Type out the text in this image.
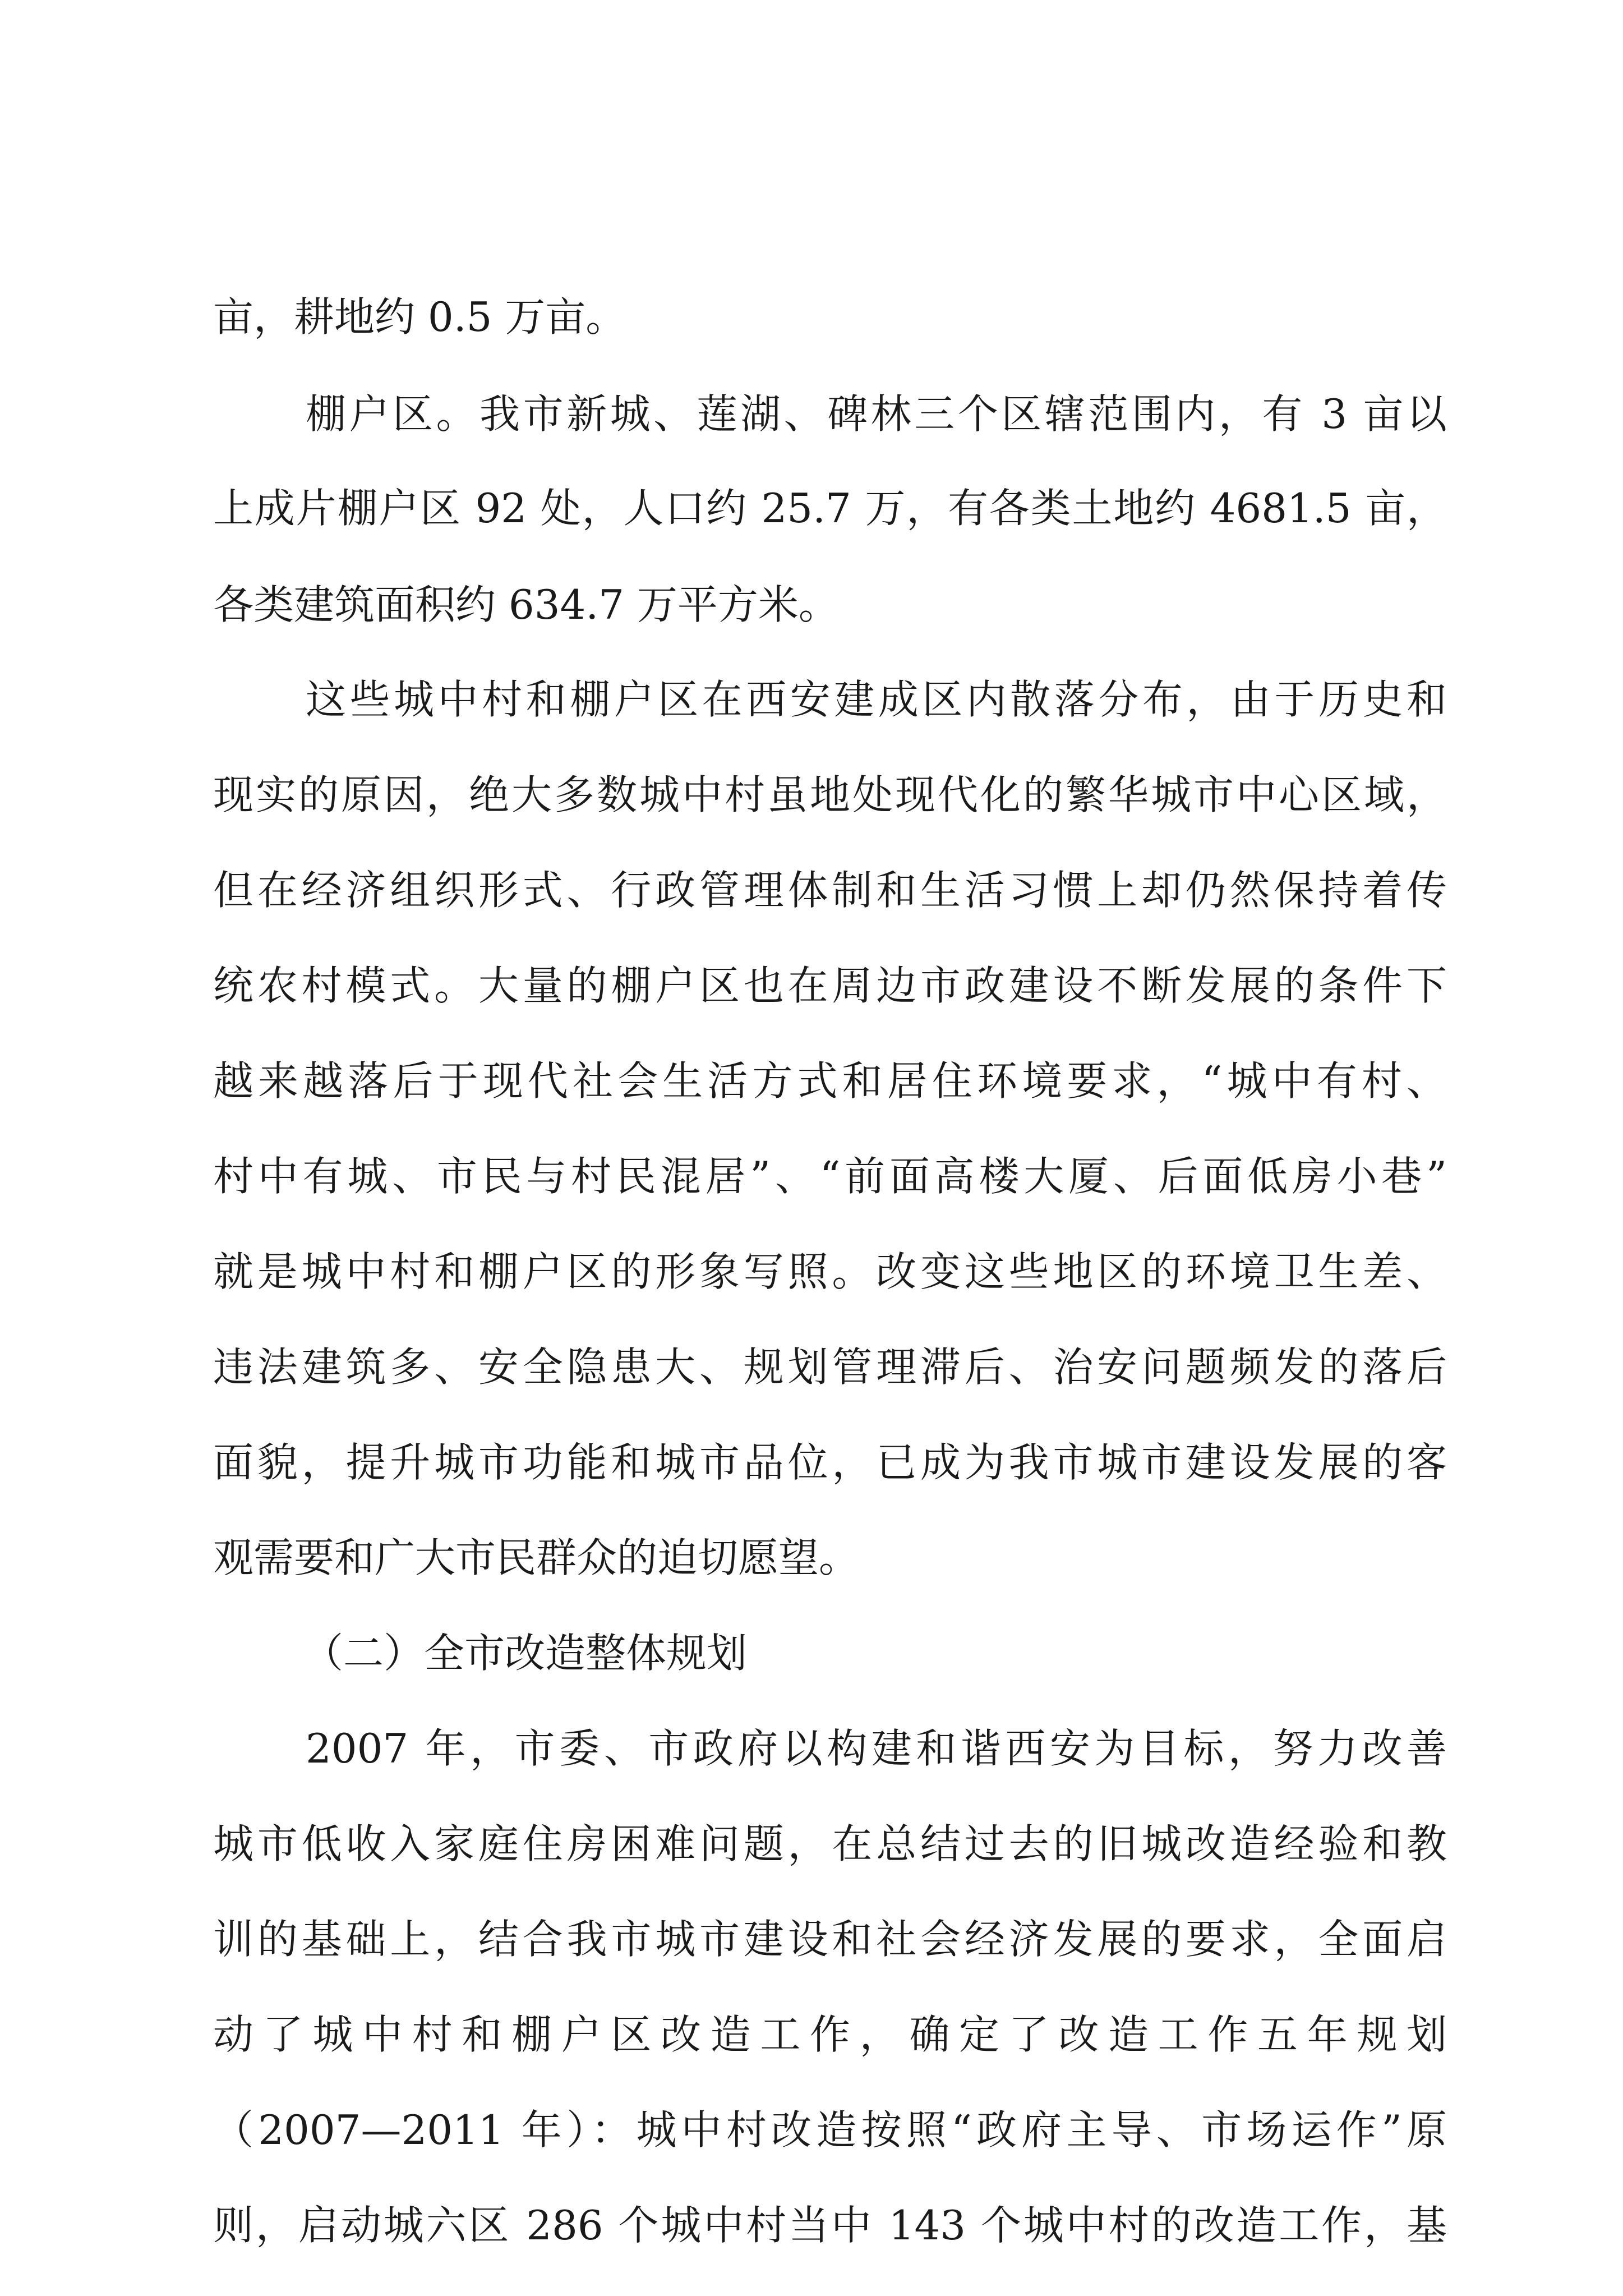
亩，耕地约 0.5 万亩。
棚户区。我市新城、莲湖、碑林三个区辖范围内，有 3 亩以
上成片棚户区 92 处，人口约 25.7 万，有各类土地约 4681.5 亩，
各类建筑面积约 634.7 万平方米。
这些城中村和棚户区在西安建成区内散落分布，由于历史和
现实的原因，绝大多数城中村虽地处现代化的繁华城市中心区域，
但在经济组织形式、行政管理体制和生活习惯上却仍然保持着传
统农村模式。大量的棚户区也在周边市政建设不断发展的条件下
越来越落后于现代社会生活方式和居住环境要求，“城中有村、
村中有城、市民与村民混居”、“前面高楼大厦、后面低房小巷”
就是城中村和棚户区的形象写照。改变这些地区的环境卫生差、
违法建筑多、安全隐患大、规划管理滞后、治安问题频发的落后
面貌，提升城市功能和城市品位，已成为我市城市建设发展的客
观需要和广大市民群众的迫切愿望。
（二）全市改造整体规划
2007 年，市委、市政府以构建和谐西安为目标，努力改善
城市低收入家庭住房困难问题，在总结过去的旧城改造经验和教
训的基础上，结合我市城市建设和社会经济发展的要求，全面启
动了城中村和棚户区改造工作，确定了改造工作五年规划
（2007—2011 年）：城中村改造按照“政府主导、市场运作”原
则，启动城六区 286 个城中村当中 143 个城中村的改造工作，基
